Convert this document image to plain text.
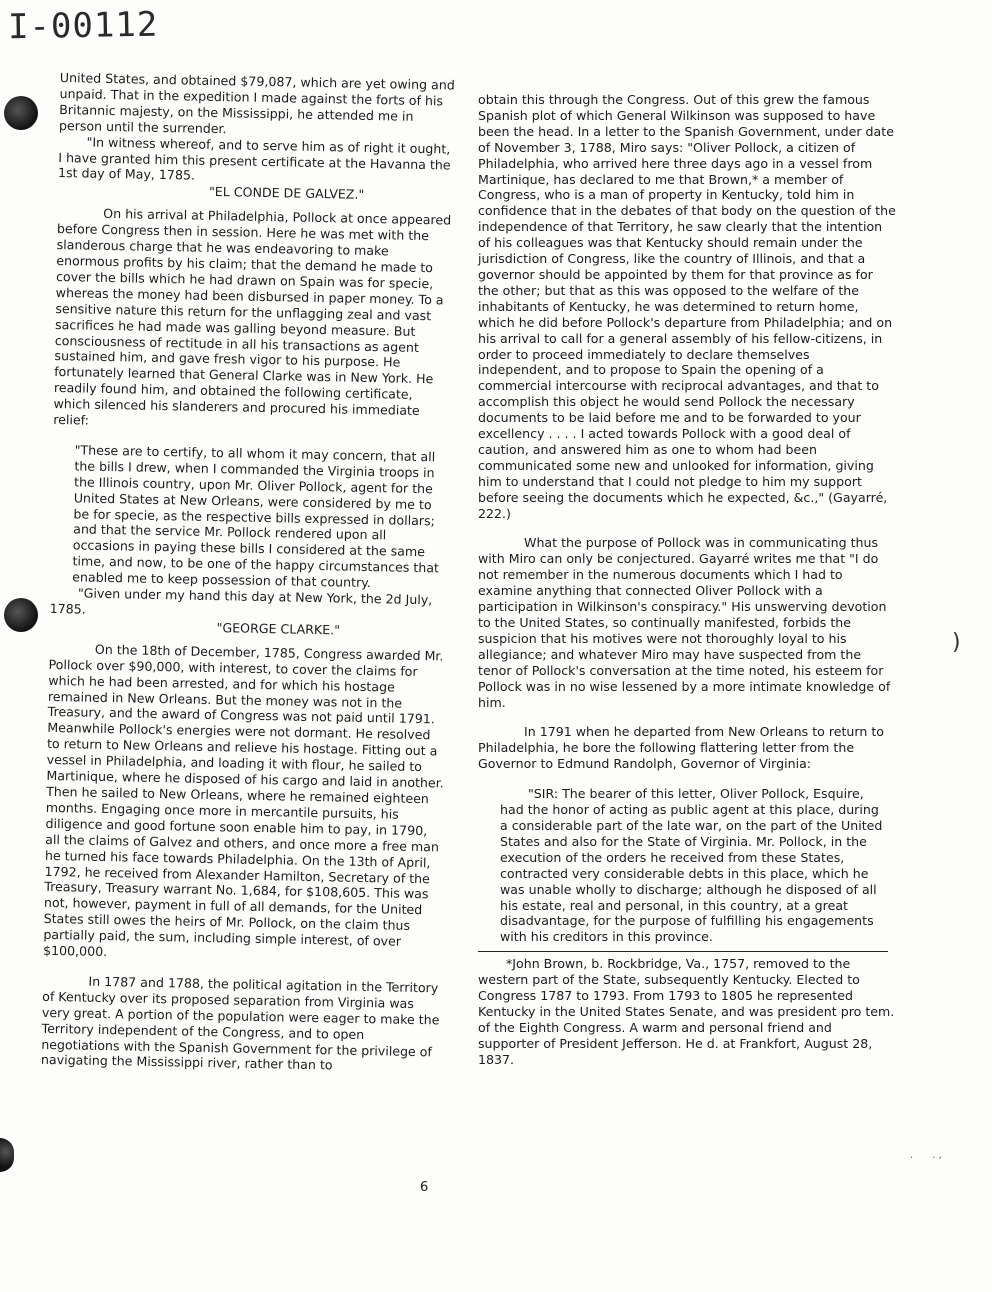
I-00112

United States, and obtained $79,087, which are yet owing and unpaid. That in the expedition I made against the forts of his Britannic majesty, on the Mississippi, he attended me in person until the surrender.

"In witness whereof, and to serve him as of right it ought, I have granted him this present certificate at the Havanna the 1st day of May, 1785.

"EL CONDE DE GALVEZ."

On his arrival at Philadelphia, Pollock at once appeared before Congress then in session. Here he was met with the slanderous charge that he was endeavoring to make enormous profits by his claim; that the demand he made to cover the bills which he had drawn on Spain was for specie, whereas the money had been disbursed in paper money. To a sensitive nature this return for the unflagging zeal and vast sacrifices he had made was galling beyond measure. But consciousness of rectitude in all his transactions as agent sustained him, and gave fresh vigor to his purpose. He fortunately learned that General Clarke was in New York. He readily found him, and obtained the following certificate, which silenced his slanderers and procured his immediate relief:

"These are to certify, to all whom it may concern, that all the bills I drew, when I commanded the Virginia troops in the Illinois country, upon Mr. Oliver Pollock, agent for the United States at New Orleans, were considered by me to be for specie, as the respective bills expressed in dollars; and that the service Mr. Pollock rendered upon all occasions in paying these bills I considered at the same time, and now, to be one of the happy circumstances that enabled me to keep possession of that country.

"Given under my hand this day at New York, the 2d July, 1785.

"GEORGE CLARKE."

On the 18th of December, 1785, Congress awarded Mr. Pollock over $90,000, with interest, to cover the claims for which he had been arrested, and for which his hostage remained in New Orleans. But the money was not in the Treasury, and the award of Congress was not paid until 1791. Meanwhile Pollock's energies were not dormant. He resolved to return to New Orleans and relieve his hostage. Fitting out a vessel in Philadelphia, and loading it with flour, he sailed to Martinique, where he disposed of his cargo and laid in another. Then he sailed to New Orleans, where he remained eighteen months. Engaging once more in mercantile pursuits, his diligence and good fortune soon enable him to pay, in 1790, all the claims of Galvez and others, and once more a free man he turned his face towards Philadelphia. On the 13th of April, 1792, he received from Alexander Hamilton, Secretary of the Treasury, Treasury warrant No. 1,684, for $108,605. This was not, however, payment in full of all demands, for the United States still owes the heirs of Mr. Pollock, on the claim thus partially paid, the sum, including simple interest, of over $100,000.

In 1787 and 1788, the political agitation in the Territory of Kentucky over its proposed separation from Virginia was very great. A portion of the population were eager to make the Territory independent of the Congress, and to open negotiations with the Spanish Government for the privilege of navigating the Mississippi river, rather than to

obtain this through the Congress. Out of this grew the famous Spanish plot of which General Wilkinson was supposed to have been the head. In a letter to the Spanish Government, under date of November 3, 1788, Miro says: "Oliver Pollock, a citizen of Philadelphia, who arrived here three days ago in a vessel from Martinique, has declared to me that Brown,* a member of Congress, who is a man of property in Kentucky, told him in confidence that in the debates of that body on the question of the independence of that Territory, he saw clearly that the intention of his colleagues was that Kentucky should remain under the jurisdiction of Congress, like the country of Illinois, and that a governor should be appointed by them for that province as for the other; but that as this was opposed to the welfare of the inhabitants of Kentucky, he was determined to return home, which he did before Pollock's departure from Philadelphia; and on his arrival to call for a general assembly of his fellow-citizens, in order to proceed immediately to declare themselves independent, and to propose to Spain the opening of a commercial intercourse with reciprocal advantages, and that to accomplish this object he would send Pollock the necessary documents to be laid before me and to be forwarded to your excellency . . . . I acted towards Pollock with a good deal of caution, and answered him as one to whom had been communicated some new and unlooked for information, giving him to understand that I could not pledge to him my support before seeing the documents which he expected, &c.," (Gayarré, 222.)

What the purpose of Pollock was in communicating thus with Miro can only be conjectured. Gayarré writes me that "I do not remember in the numerous documents which I had to examine anything that connected Oliver Pollock with a participation in Wilkinson's conspiracy." His unswerving devotion to the United States, so continually manifested, forbids the suspicion that his motives were not thoroughly loyal to his allegiance; and whatever Miro may have suspected from the tenor of Pollock's conversation at the time noted, his esteem for Pollock was in no wise lessened by a more intimate knowledge of him.

In 1791 when he departed from New Orleans to return to Philadelphia, he bore the following flattering letter from the Governor to Edmund Randolph, Governor of Virginia:

"SIR: The bearer of this letter, Oliver Pollock, Esquire, had the honor of acting as public agent at this place, during a considerable part of the late war, on the part of the United States and also for the State of Virginia. Mr. Pollock, in the execution of the orders he received from these States, contracted very considerable debts in this place, which he was unable wholly to discharge; although he disposed of all his estate, real and personal, in this country, at a great disadvantage, for the purpose of fulfilling his engagements with his creditors in this province.

*John Brown, b. Rockbridge, Va., 1757, removed to the western part of the State, subsequently Kentucky. Elected to Congress 1787 to 1793. From 1793 to 1805 he represented Kentucky in the United States Senate, and was president pro tem. of the Eighth Congress. A warm and personal friend and supporter of President Jefferson. He d. at Frankfort, August 28, 1837.

6
)
.      . ,
